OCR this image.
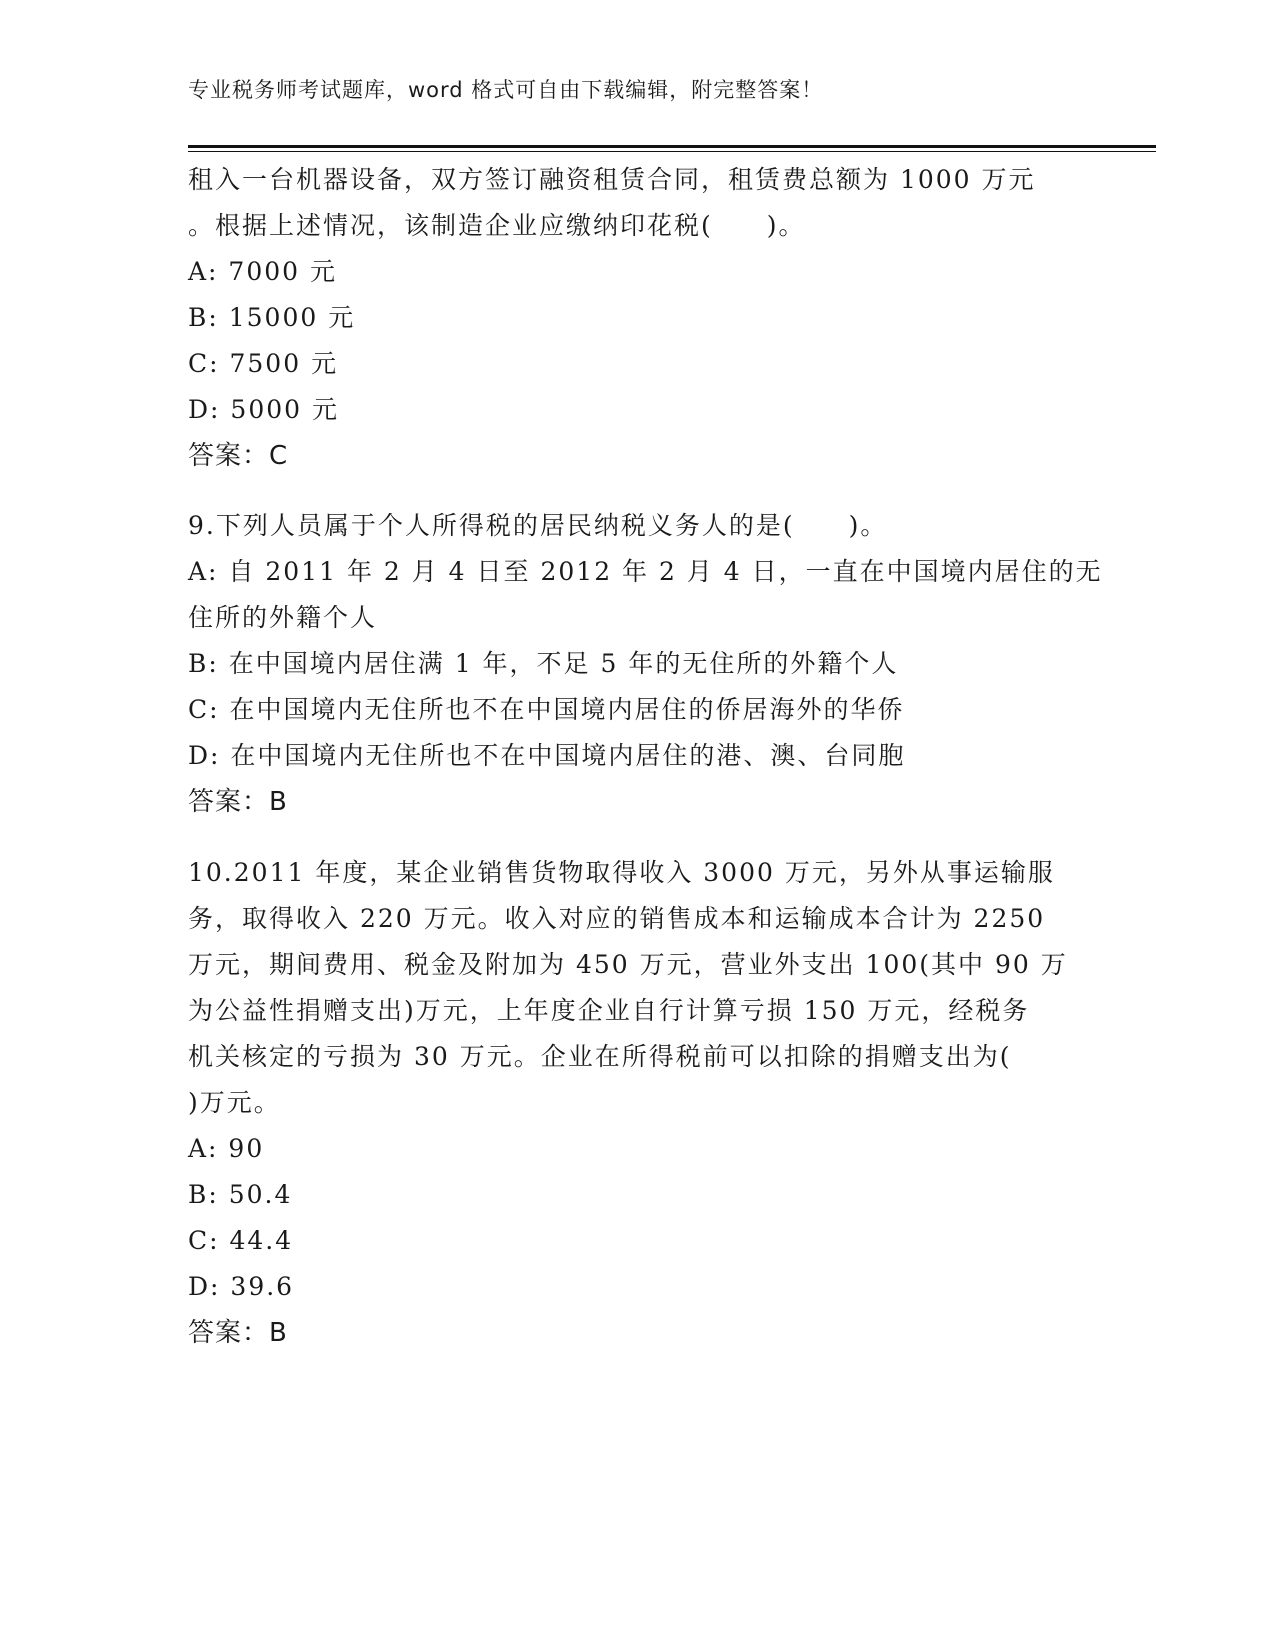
专业税务师考试题库，word 格式可自由下载编辑，附完整答案！
租入一台机器设备，双方签订融资租赁合同，租赁费总额为 1000 万元
。根据上述情况，该制造企业应缴纳印花税(　　)。
A: 7000 元
B: 15000 元
C: 7500 元
D: 5000 元
答案：C
9.下列人员属于个人所得税的居民纳税义务人的是(　　)。
A: 自 2011 年 2 月 4 日至 2012 年 2 月 4 日，一直在中国境内居住的无
住所的外籍个人
B: 在中国境内居住满 1 年，不足 5 年的无住所的外籍个人
C: 在中国境内无住所也不在中国境内居住的侨居海外的华侨
D: 在中国境内无住所也不在中国境内居住的港、澳、台同胞
答案：B
10.2011 年度，某企业销售货物取得收入 3000 万元，另外从事运输服
务，取得收入 220 万元。收入对应的销售成本和运输成本合计为 2250
万元，期间费用、税金及附加为 450 万元，营业外支出 100(其中 90 万
为公益性捐赠支出)万元，上年度企业自行计算亏损 150 万元，经税务
机关核定的亏损为 30 万元。企业在所得税前可以扣除的捐赠支出为(
)万元。
A: 90
B: 50.4
C: 44.4
D: 39.6
答案：B
